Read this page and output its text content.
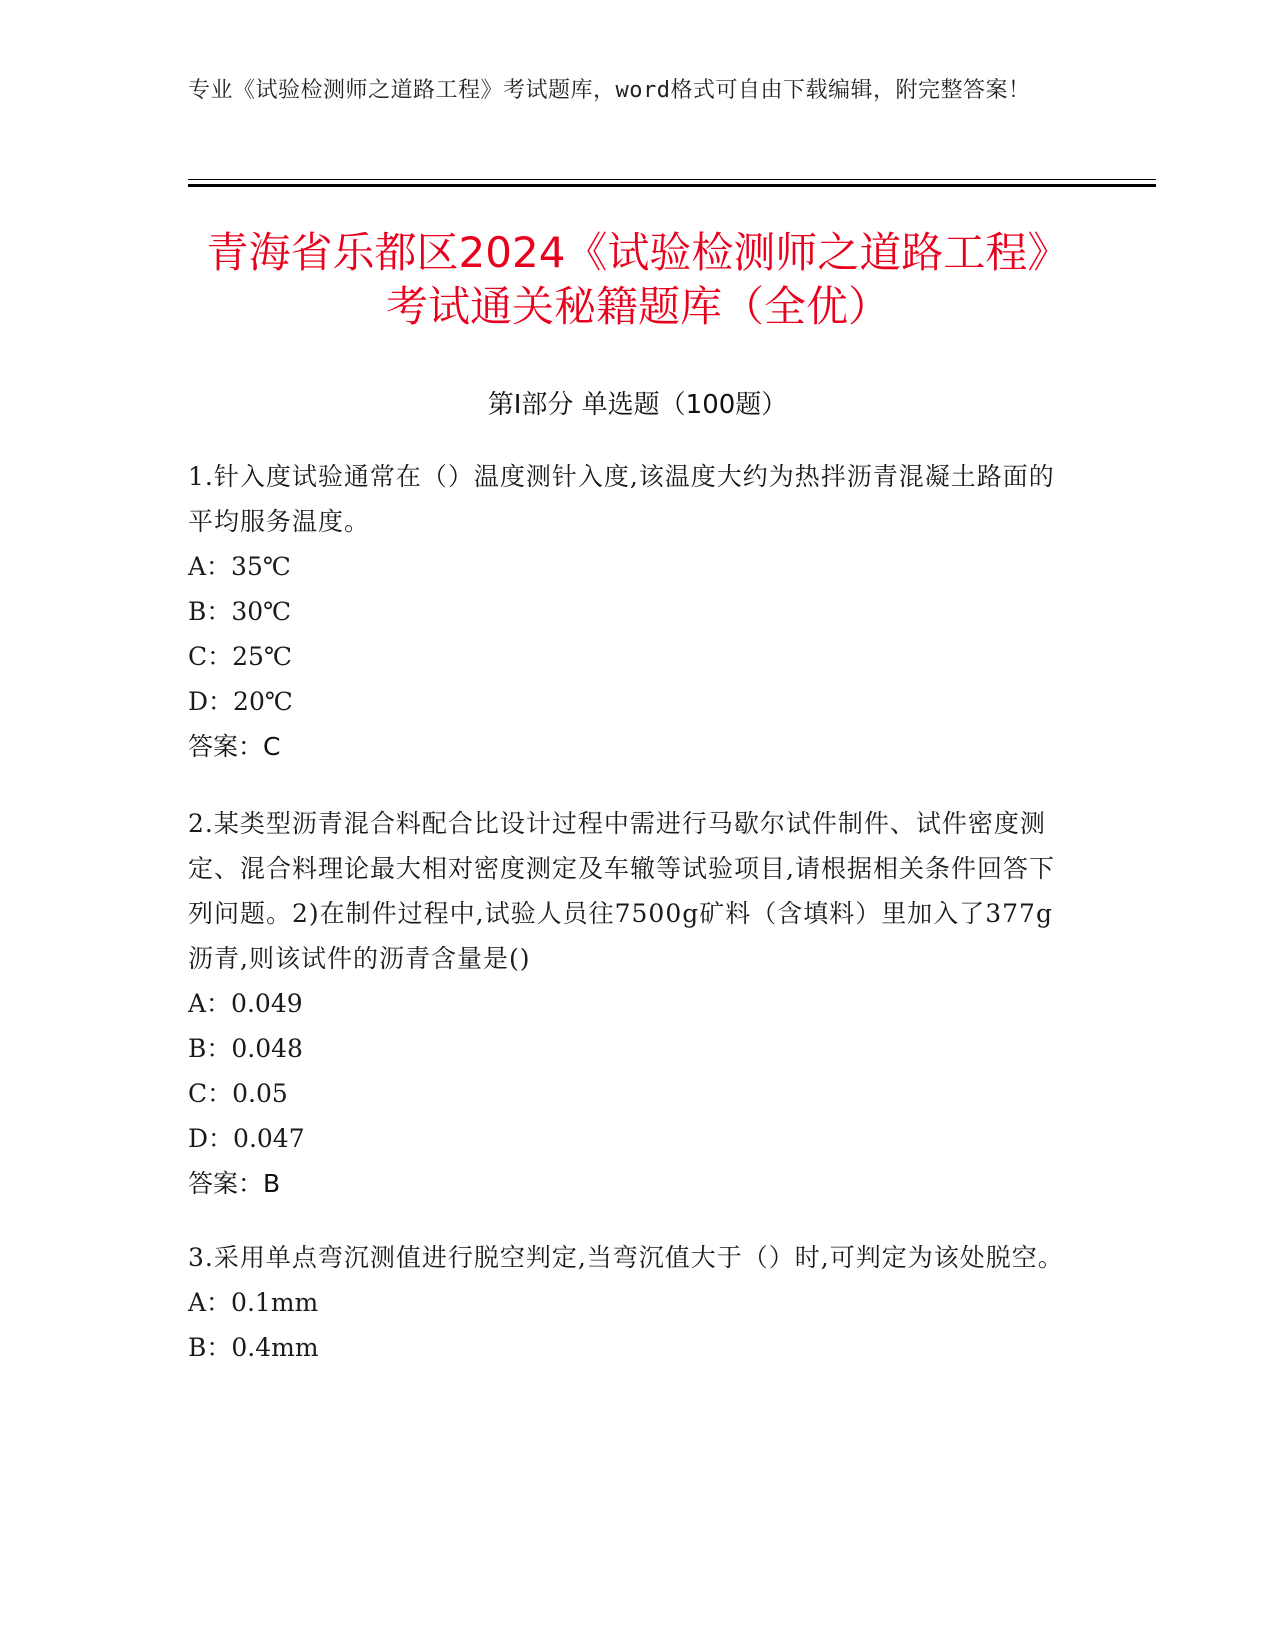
专业《试验检测师之道路工程》考试题库，word格式可自由下载编辑，附完整答案！
青海省乐都区2024《试验检测师之道路工程》考试通关秘籍题库（全优）
第I部分 单选题（100题）
1.针入度试验通常在（）温度测针入度,该温度大约为热拌沥青混凝土路面的平均服务温度。
A：35℃
B：30℃
C：25℃
D：20℃
答案：C
2.某类型沥青混合料配合比设计过程中需进行马歇尔试件制件、试件密度测定、混合料理论最大相对密度测定及车辙等试验项目,请根据相关条件回答下列问题。2)在制件过程中,试验人员往7500g矿料（含填料）里加入了377g沥青,则该试件的沥青含量是()
A：0.049
B：0.048
C：0.05
D：0.047
答案：B
3.采用单点弯沉测值进行脱空判定,当弯沉值大于（）时,可判定为该处脱空。
A：0.1mm
B：0.4mm
